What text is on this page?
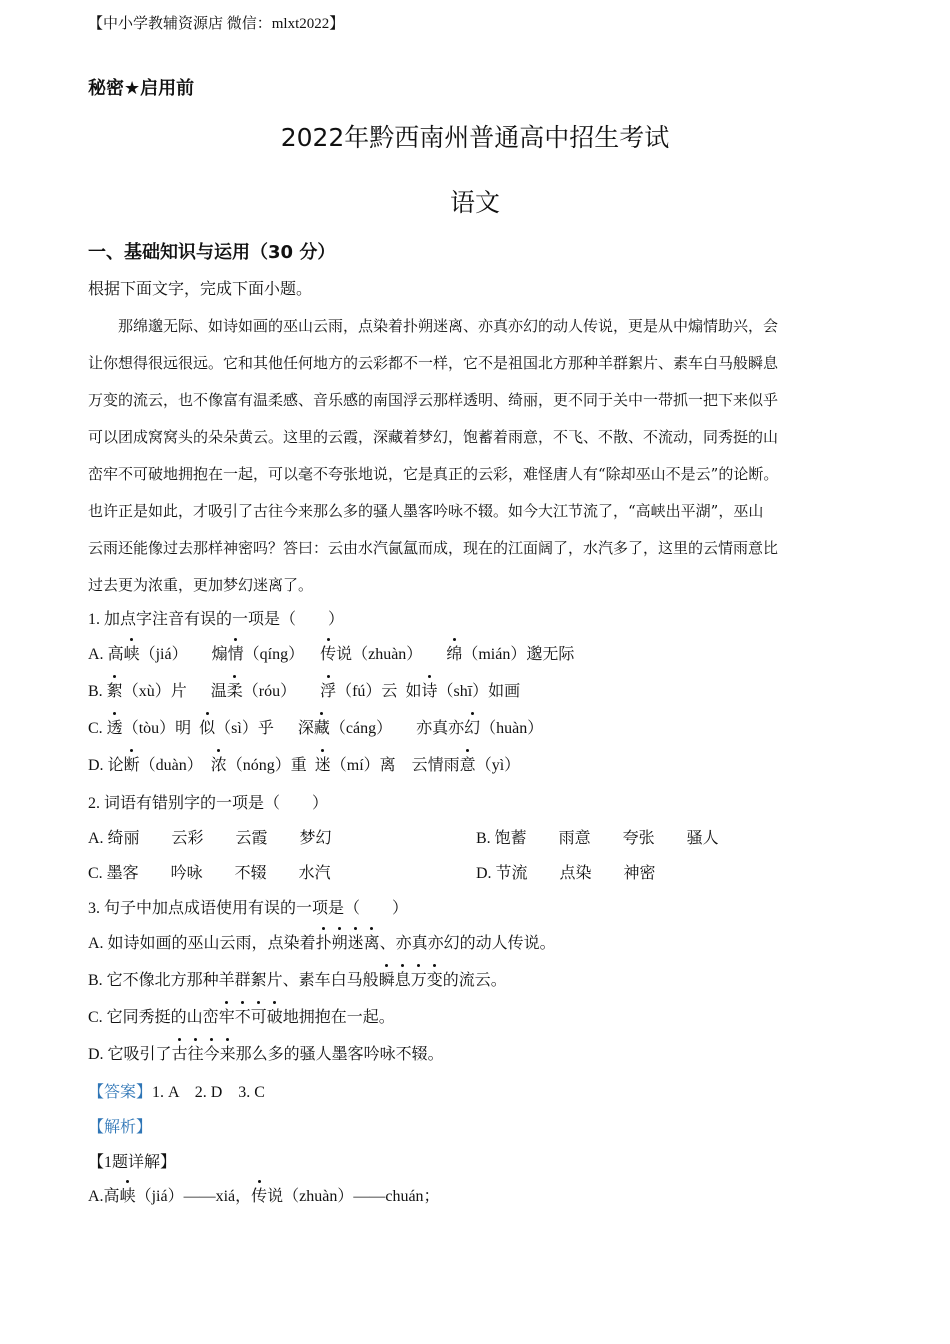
【中小学教辅资源店 微信：mlxt2022】
秘密★启用前
2022年黔西南州普通高中招生考试
语文
一、基础知识与运用（30 分）
根据下面文字，完成下面小题。
　　那绵邈无际、如诗如画的巫山云雨，点染着扑朔迷离、亦真亦幻的动人传说，更是从中煽情助兴，会
让你想得很远很远。它和其他任何地方的云彩都不一样，它不是祖国北方那种羊群絮片、素车白马般瞬息
万变的流云，也不像富有温柔感、音乐感的南国浮云那样透明、绮丽，更不同于关中一带抓一把下来似乎
可以团成窝窝头的朵朵黄云。这里的云霞，深藏着梦幻，饱蓄着雨意，不飞、不散、不流动，同秀挺的山
峦牢不可破地拥抱在一起，可以毫不夸张地说，它是真正的云彩，难怪唐人有“除却巫山不是云”的论断。
也许正是如此，才吸引了古往今来那么多的骚人墨客吟咏不辍。如今大江节流了，“高峡出平湖”，巫山
云雨还能像过去那样神密吗？答曰：云由水汽氤氲而成，现在的江面阔了，水汽多了，这里的云情雨意比
过去更为浓重，更加梦幻迷离了。
1. 加点字注音有误的一项是（　　）
A. 高峡（jiá）   煽情（qíng）  传说（zhuàn）   绵（mián）邈无际
B. 絮（xù）片   温柔（róu）   浮（fú）云  如诗（shī）如画
C. 透（tòu）明  似（sì）乎   深藏（cáng）   亦真亦幻（huàn）
D. 论断（duàn）  浓（nóng）重  迷（mí）离  云情雨意（yì）
2. 词语有错别字的一项是（　　）
A. 绮丽　　云彩　　云霞　　梦幻	B. 饱蓄　　雨意　　夸张　　骚人
C. 墨客　　吟咏　　不辍　　水汽	D. 节流　　点染　　神密
3. 句子中加点成语使用有误的一项是（　　）
A. 如诗如画的巫山云雨，点染着扑朔迷离、亦真亦幻的动人传说。
B. 它不像北方那种羊群絮片、素车白马般瞬息万变的流云。
C. 它同秀挺的山峦牢不可破地拥抱在一起。
D. 它吸引了古往今来那么多的骚人墨客吟咏不辍。
【答案】1. A　2. D　3. C
【解析】
【1题详解】
A.高峡（jiá）——xiá，传说（zhuàn）——chuán；
